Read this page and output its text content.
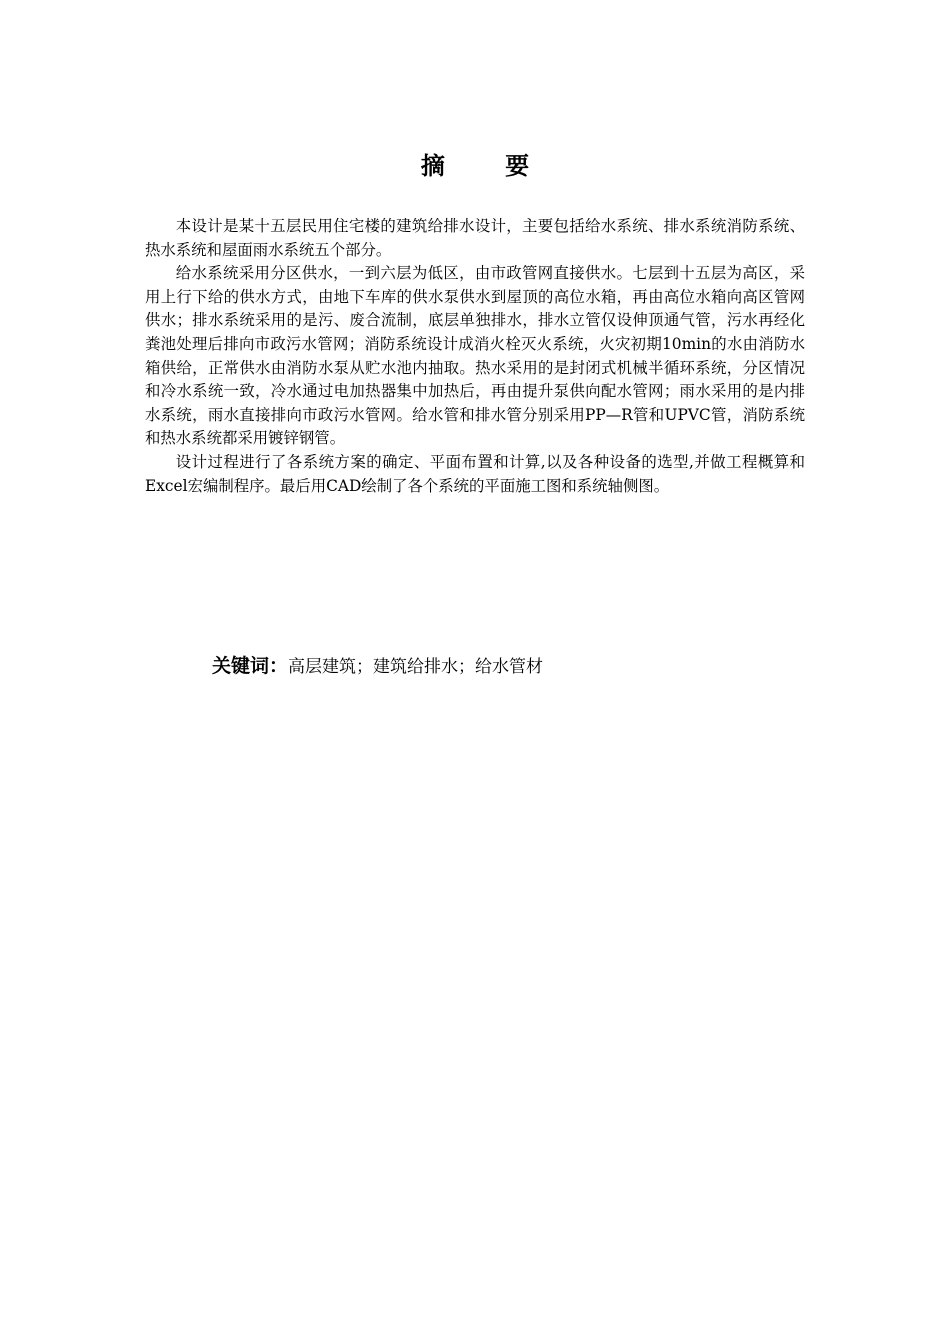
摘 要

本设计是某十五层民用住宅楼的建筑给排水设计，主要包括给水系统、排水系统消防系统、热水系统和屋面雨水系统五个部分。

给水系统采用分区供水，一到六层为低区，由市政管网直接供水。七层到十五层为高区，采用上行下给的供水方式，由地下车库的供水泵供水到屋顶的高位水箱，再由高位水箱向高区管网供水；排水系统采用的是污、废合流制，底层单独排水，排水立管仅设伸顶通气管，污水再经化粪池处理后排向市政污水管网；消防系统设计成消火栓灭火系统，火灾初期10min的水由消防水箱供给，正常供水由消防水泵从贮水池内抽取。热水采用的是封闭式机械半循环系统，分区情况和冷水系统一致，冷水通过电加热器集中加热后，再由提升泵供向配水管网；雨水采用的是内排水系统，雨水直接排向市政污水管网。给水管和排水管分别采用PP—R管和UPVC管，消防系统和热水系统都采用镀锌钢管。

设计过程进行了各系统方案的确定、平面布置和计算,以及各种设备的选型,并做工程概算和Excel宏编制程序。最后用CAD绘制了各个系统的平面施工图和系统轴侧图。

关键词：高层建筑；建筑给排水；给水管材
